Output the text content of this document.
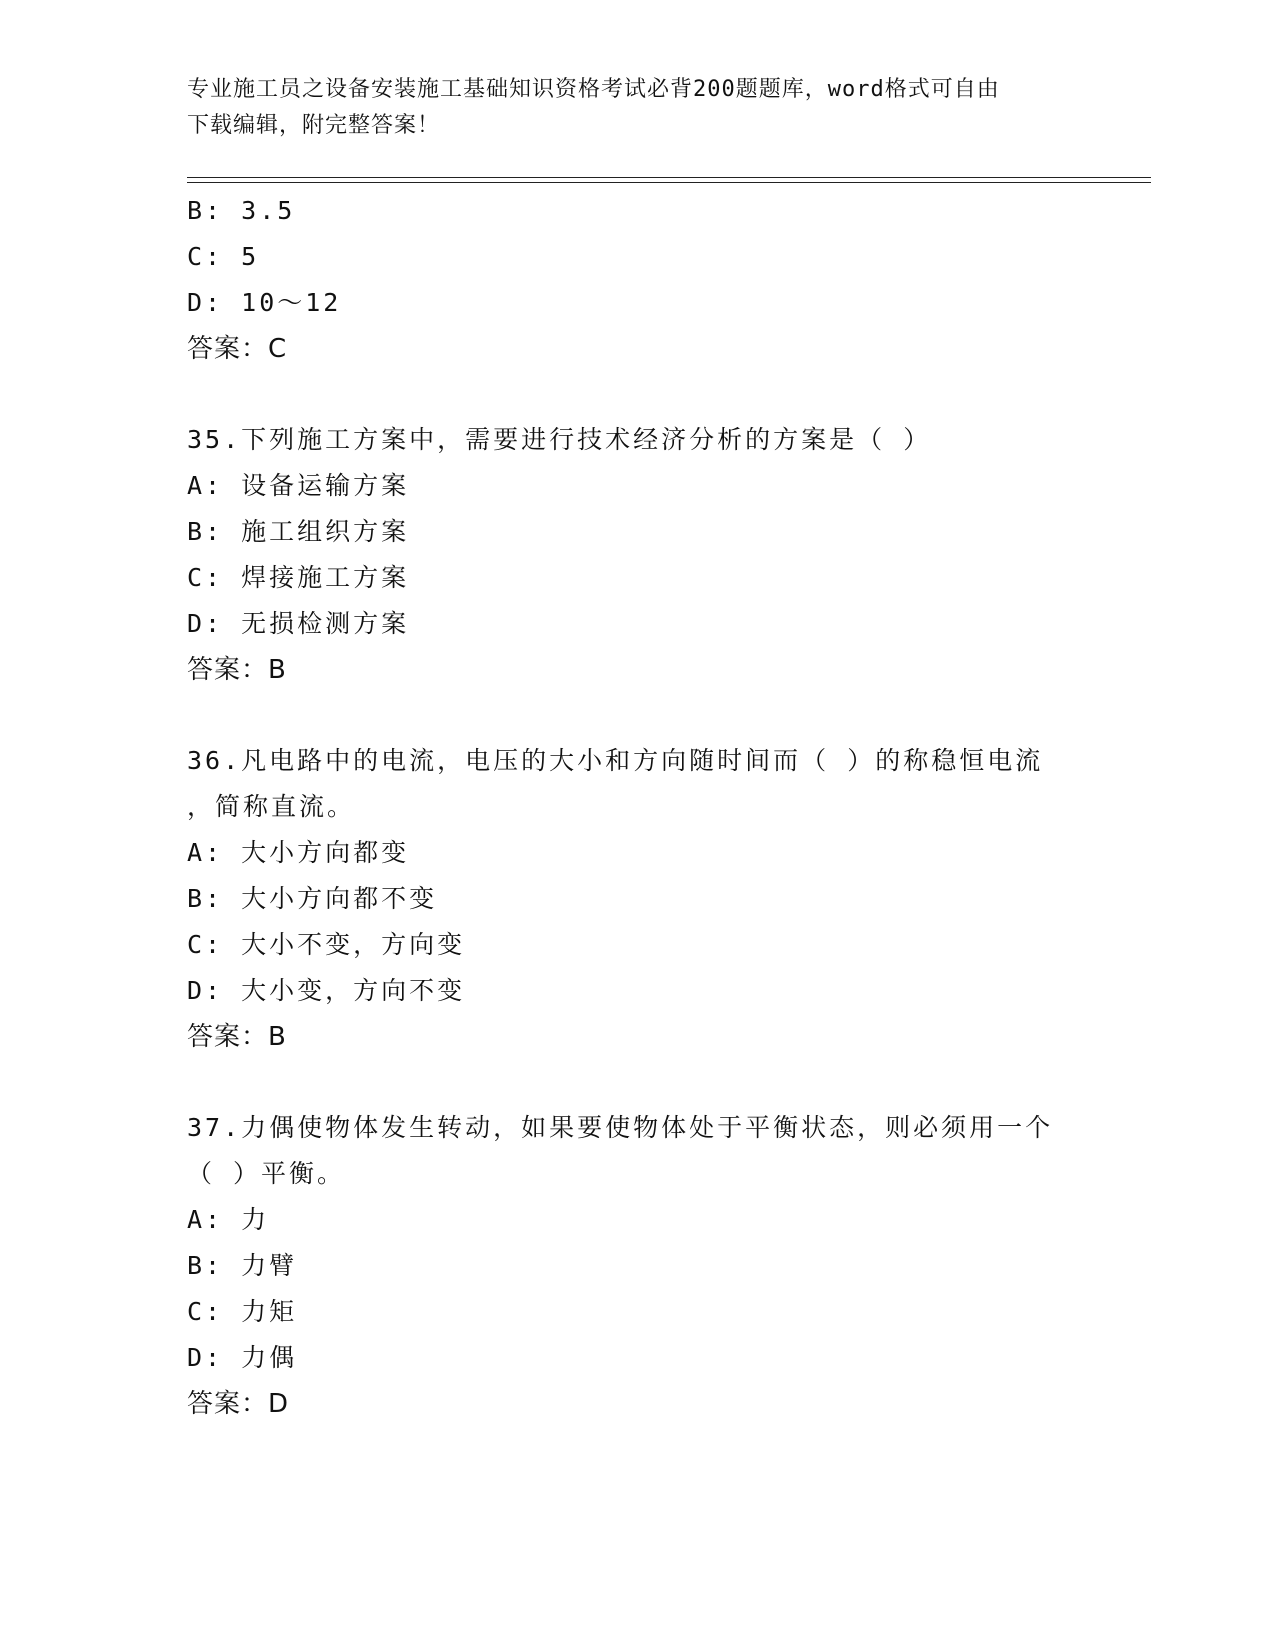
专业施工员之设备安装施工基础知识资格考试必背200题题库，word格式可自由
下载编辑，附完整答案！
B: 3.5
C: 5
D: 10～12
答案：C
35.下列施工方案中，需要进行技术经济分析的方案是（ ）
A: 设备运输方案
B: 施工组织方案
C: 焊接施工方案
D: 无损检测方案
答案：B
36.凡电路中的电流，电压的大小和方向随时间而（ ）的称稳恒电流
，简称直流。
A: 大小方向都变
B: 大小方向都不变
C: 大小不变，方向变
D: 大小变，方向不变
答案：B
37.力偶使物体发生转动，如果要使物体处于平衡状态，则必须用一个
（ ）平衡。
A: 力
B: 力臂
C: 力矩
D: 力偶
答案：D
